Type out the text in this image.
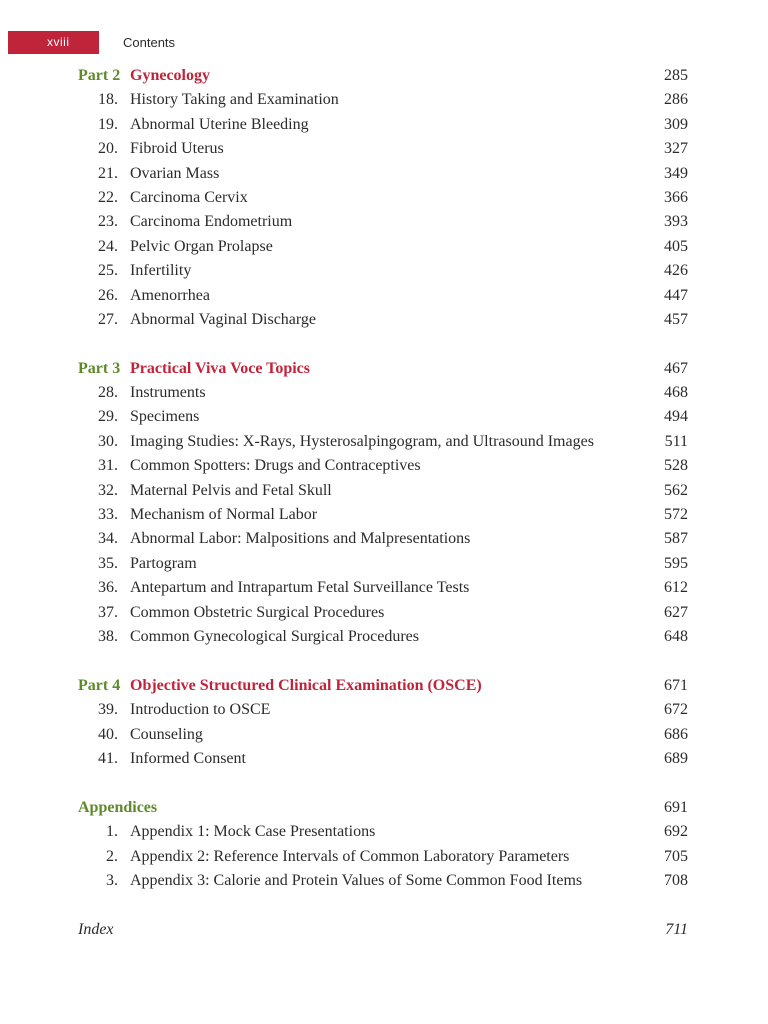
xviii	Contents
Part 2 Gynecology	285
18. History Taking and Examination	286
19. Abnormal Uterine Bleeding	309
20. Fibroid Uterus	327
21. Ovarian Mass	349
22. Carcinoma Cervix	366
23. Carcinoma Endometrium	393
24. Pelvic Organ Prolapse	405
25. Infertility	426
26. Amenorrhea	447
27. Abnormal Vaginal Discharge	457
Part 3 Practical Viva Voce Topics	467
28. Instruments	468
29. Specimens	494
30. Imaging Studies: X-Rays, Hysterosalpingogram, and Ultrasound Images	511
31. Common Spotters: Drugs and Contraceptives	528
32. Maternal Pelvis and Fetal Skull	562
33. Mechanism of Normal Labor	572
34. Abnormal Labor: Malpositions and Malpresentations	587
35. Partogram	595
36. Antepartum and Intrapartum Fetal Surveillance Tests	612
37. Common Obstetric Surgical Procedures	627
38. Common Gynecological Surgical Procedures	648
Part 4 Objective Structured Clinical Examination (OSCE)	671
39. Introduction to OSCE	672
40. Counseling	686
41. Informed Consent	689
Appendices	691
1. Appendix 1: Mock Case Presentations	692
2. Appendix 2: Reference Intervals of Common Laboratory Parameters	705
3. Appendix 3: Calorie and Protein Values of Some Common Food Items	708
Index	711
